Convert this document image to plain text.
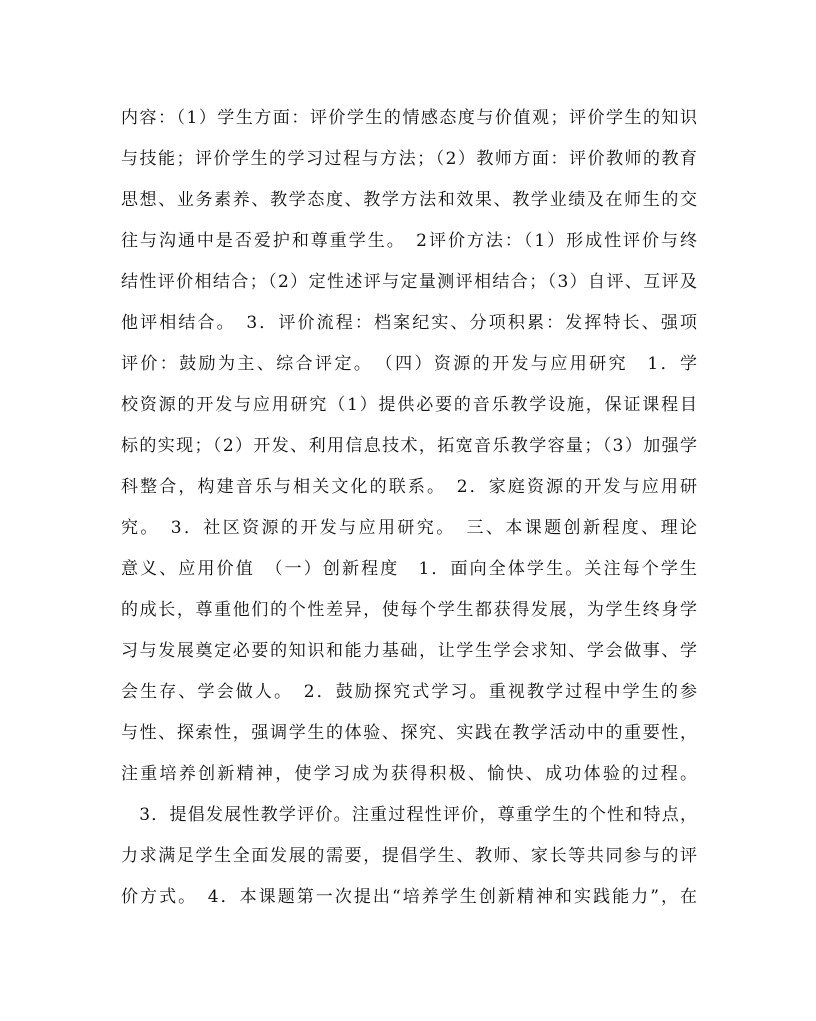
内容：（1）学生方面：评价学生的情感态度与价值观；评价学生的知识
与技能；评价学生的学习过程与方法；（2）教师方面：评价教师的教育
思想、业务素养、教学态度、教学方法和效果、教学业绩及在师生的交
往与沟通中是否爱护和尊重学生。　2评价方法：（1）形成性评价与终
结性评价相结合；（2）定性述评与定量测评相结合；（3）自评、互评及
他评相结合。　3．评价流程：档案纪实、分项积累：发挥特长、强项
评价：鼓励为主、综合评定。　（四）资源的开发与应用研究　1．学
校资源的开发与应用研究（1）提供必要的音乐教学设施，保证课程目
标的实现；（2）开发、利用信息技术，拓宽音乐教学容量；（3）加强学
科整合，构建音乐与相关文化的联系。　2．家庭资源的开发与应用研
究。　3．社区资源的开发与应用研究。　三、本课题创新程度、理论
意义、应用价值　（一）创新程度　1．面向全体学生。关注每个学生
的成长，尊重他们的个性差异，使每个学生都获得发展，为学生终身学
习与发展奠定必要的知识和能力基础，让学生学会求知、学会做事、学
会生存、学会做人。　2．鼓励探究式学习。重视教学过程中学生的参
与性、探索性，强调学生的体验、探究、实践在教学活动中的重要性，
注重培养创新精神，使学习成为获得积极、愉快、成功体验的过程。
　3．提倡发展性教学评价。注重过程性评价，尊重学生的个性和特点，
力求满足学生全面发展的需要，提倡学生、教师、家长等共同参与的评
价方式。　4．本课题第一次提出“培养学生创新精神和实践能力”，在
